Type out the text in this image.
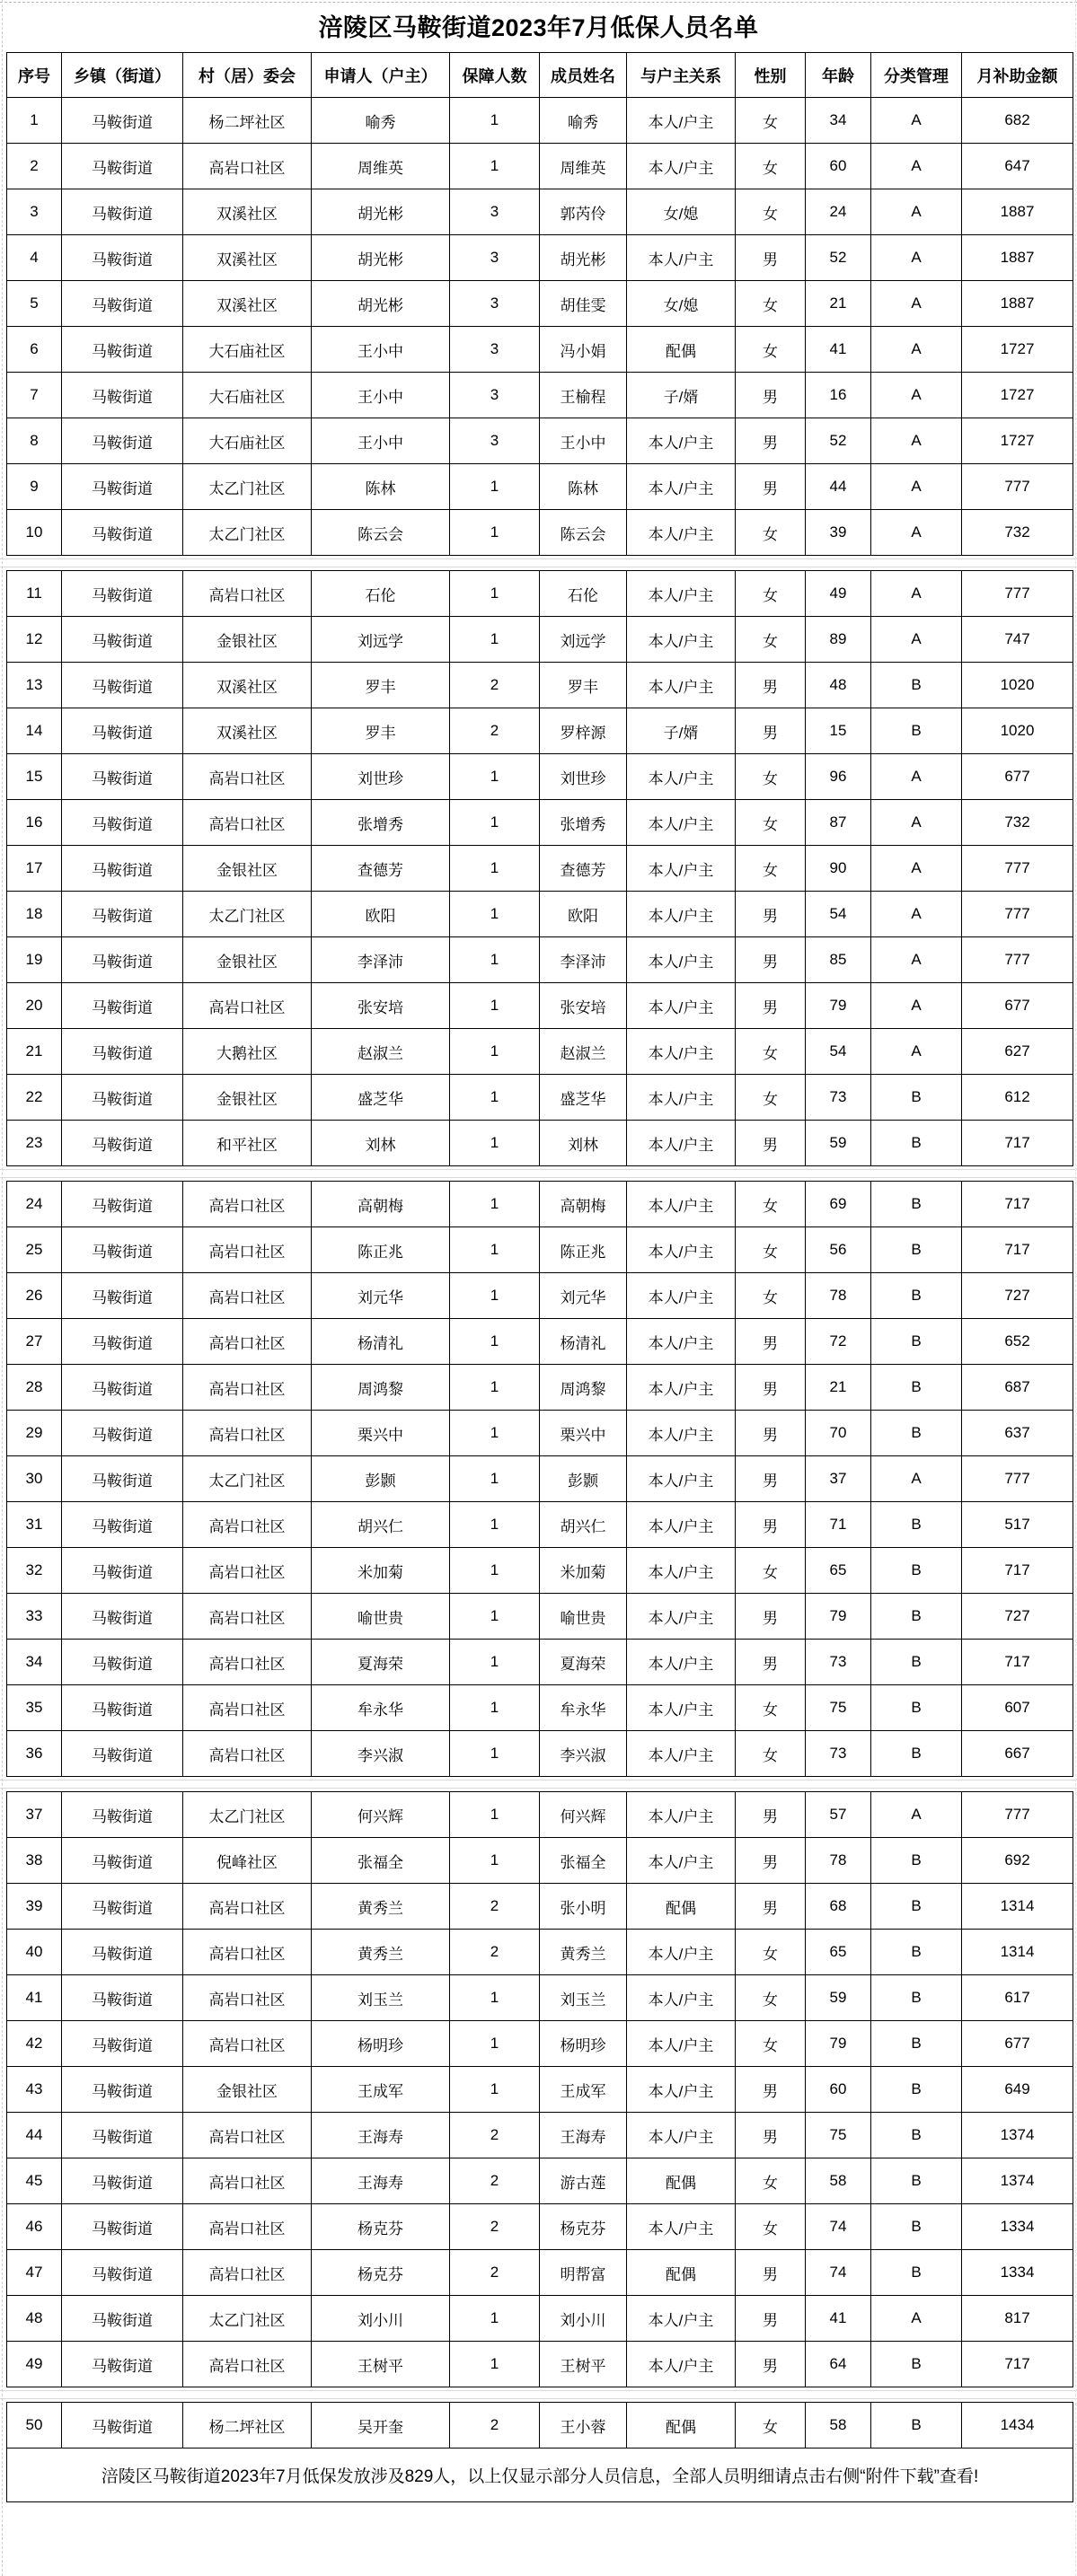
涪陵区马鞍街道2023年7月低保人员名单
序号	乡镇（街道）	村（居）委会	申请人（户主）	保障人数	成员姓名	与户主关系	性别	年龄	分类管理	月补助金额
1	马鞍街道	杨二坪社区	喻秀	1	喻秀	本人/户主	女	34	A	682
2	马鞍街道	高岩口社区	周维英	1	周维英	本人/户主	女	60	A	647
3	马鞍街道	双溪社区	胡光彬	3	郭芮伶	女/媳	女	24	A	1887
4	马鞍街道	双溪社区	胡光彬	3	胡光彬	本人/户主	男	52	A	1887
5	马鞍街道	双溪社区	胡光彬	3	胡佳雯	女/媳	女	21	A	1887
6	马鞍街道	大石庙社区	王小中	3	冯小娟	配偶	女	41	A	1727
7	马鞍街道	大石庙社区	王小中	3	王榆程	子/婿	男	16	A	1727
8	马鞍街道	大石庙社区	王小中	3	王小中	本人/户主	男	52	A	1727
9	马鞍街道	太乙门社区	陈林	1	陈林	本人/户主	男	44	A	777
10	马鞍街道	太乙门社区	陈云会	1	陈云会	本人/户主	女	39	A	732
11	马鞍街道	高岩口社区	石伦	1	石伦	本人/户主	女	49	A	777
12	马鞍街道	金银社区	刘远学	1	刘远学	本人/户主	女	89	A	747
13	马鞍街道	双溪社区	罗丰	2	罗丰	本人/户主	男	48	B	1020
14	马鞍街道	双溪社区	罗丰	2	罗梓源	子/婿	男	15	B	1020
15	马鞍街道	高岩口社区	刘世珍	1	刘世珍	本人/户主	女	96	A	677
16	马鞍街道	高岩口社区	张增秀	1	张增秀	本人/户主	女	87	A	732
17	马鞍街道	金银社区	查德芳	1	查德芳	本人/户主	女	90	A	777
18	马鞍街道	太乙门社区	欧阳	1	欧阳	本人/户主	男	54	A	777
19	马鞍街道	金银社区	李泽沛	1	李泽沛	本人/户主	男	85	A	777
20	马鞍街道	高岩口社区	张安培	1	张安培	本人/户主	男	79	A	677
21	马鞍街道	大鹅社区	赵淑兰	1	赵淑兰	本人/户主	女	54	A	627
22	马鞍街道	金银社区	盛芝华	1	盛芝华	本人/户主	女	73	B	612
23	马鞍街道	和平社区	刘林	1	刘林	本人/户主	男	59	B	717
24	马鞍街道	高岩口社区	高朝梅	1	高朝梅	本人/户主	女	69	B	717
25	马鞍街道	高岩口社区	陈正兆	1	陈正兆	本人/户主	女	56	B	717
26	马鞍街道	高岩口社区	刘元华	1	刘元华	本人/户主	女	78	B	727
27	马鞍街道	高岩口社区	杨清礼	1	杨清礼	本人/户主	男	72	B	652
28	马鞍街道	高岩口社区	周鸿黎	1	周鸿黎	本人/户主	男	21	B	687
29	马鞍街道	高岩口社区	栗兴中	1	栗兴中	本人/户主	男	70	B	637
30	马鞍街道	太乙门社区	彭颢	1	彭颢	本人/户主	男	37	A	777
31	马鞍街道	高岩口社区	胡兴仁	1	胡兴仁	本人/户主	男	71	B	517
32	马鞍街道	高岩口社区	米加菊	1	米加菊	本人/户主	女	65	B	717
33	马鞍街道	高岩口社区	喻世贵	1	喻世贵	本人/户主	男	79	B	727
34	马鞍街道	高岩口社区	夏海荣	1	夏海荣	本人/户主	男	73	B	717
35	马鞍街道	高岩口社区	牟永华	1	牟永华	本人/户主	女	75	B	607
36	马鞍街道	高岩口社区	李兴淑	1	李兴淑	本人/户主	女	73	B	667
37	马鞍街道	太乙门社区	何兴辉	1	何兴辉	本人/户主	男	57	A	777
38	马鞍街道	倪峰社区	张福全	1	张福全	本人/户主	男	78	B	692
39	马鞍街道	高岩口社区	黄秀兰	2	张小明	配偶	男	68	B	1314
40	马鞍街道	高岩口社区	黄秀兰	2	黄秀兰	本人/户主	女	65	B	1314
41	马鞍街道	高岩口社区	刘玉兰	1	刘玉兰	本人/户主	女	59	B	617
42	马鞍街道	高岩口社区	杨明珍	1	杨明珍	本人/户主	女	79	B	677
43	马鞍街道	金银社区	王成军	1	王成军	本人/户主	男	60	B	649
44	马鞍街道	高岩口社区	王海寿	2	王海寿	本人/户主	男	75	B	1374
45	马鞍街道	高岩口社区	王海寿	2	游古莲	配偶	女	58	B	1374
46	马鞍街道	高岩口社区	杨克芬	2	杨克芬	本人/户主	女	74	B	1334
47	马鞍街道	高岩口社区	杨克芬	2	明帮富	配偶	男	74	B	1334
48	马鞍街道	太乙门社区	刘小川	1	刘小川	本人/户主	男	41	A	817
49	马鞍街道	高岩口社区	王树平	1	王树平	本人/户主	男	64	B	717
50	马鞍街道	杨二坪社区	吴开奎	2	王小蓉	配偶	女	58	B	1434
涪陵区马鞍街道2023年7月低保发放涉及829人，以上仅显示部分人员信息，全部人员明细请点击右侧“附件下载”查看!
